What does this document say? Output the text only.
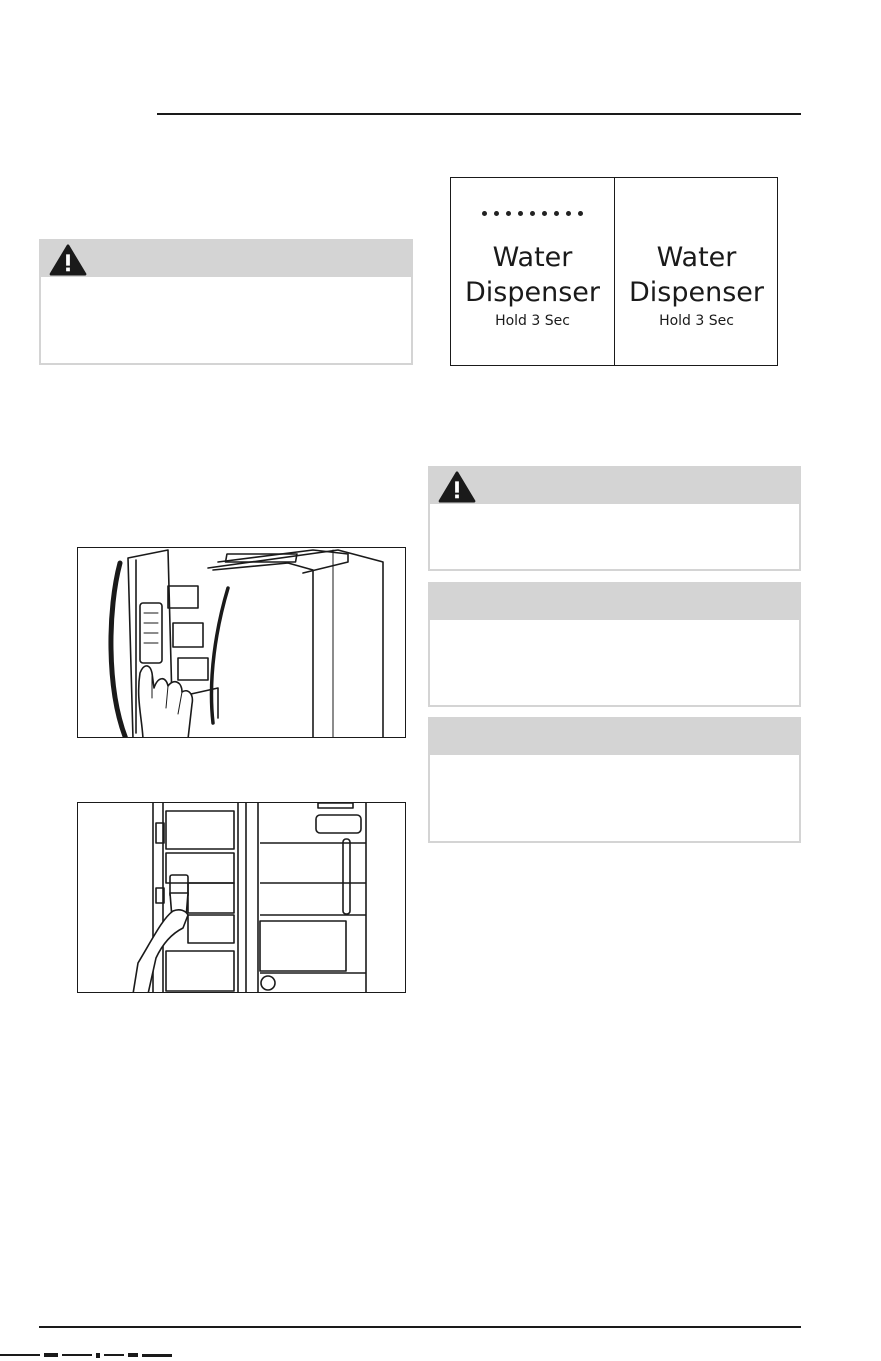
Water
Dispenser
Hold 3 Sec
Water
Dispenser
Hold 3 Sec
